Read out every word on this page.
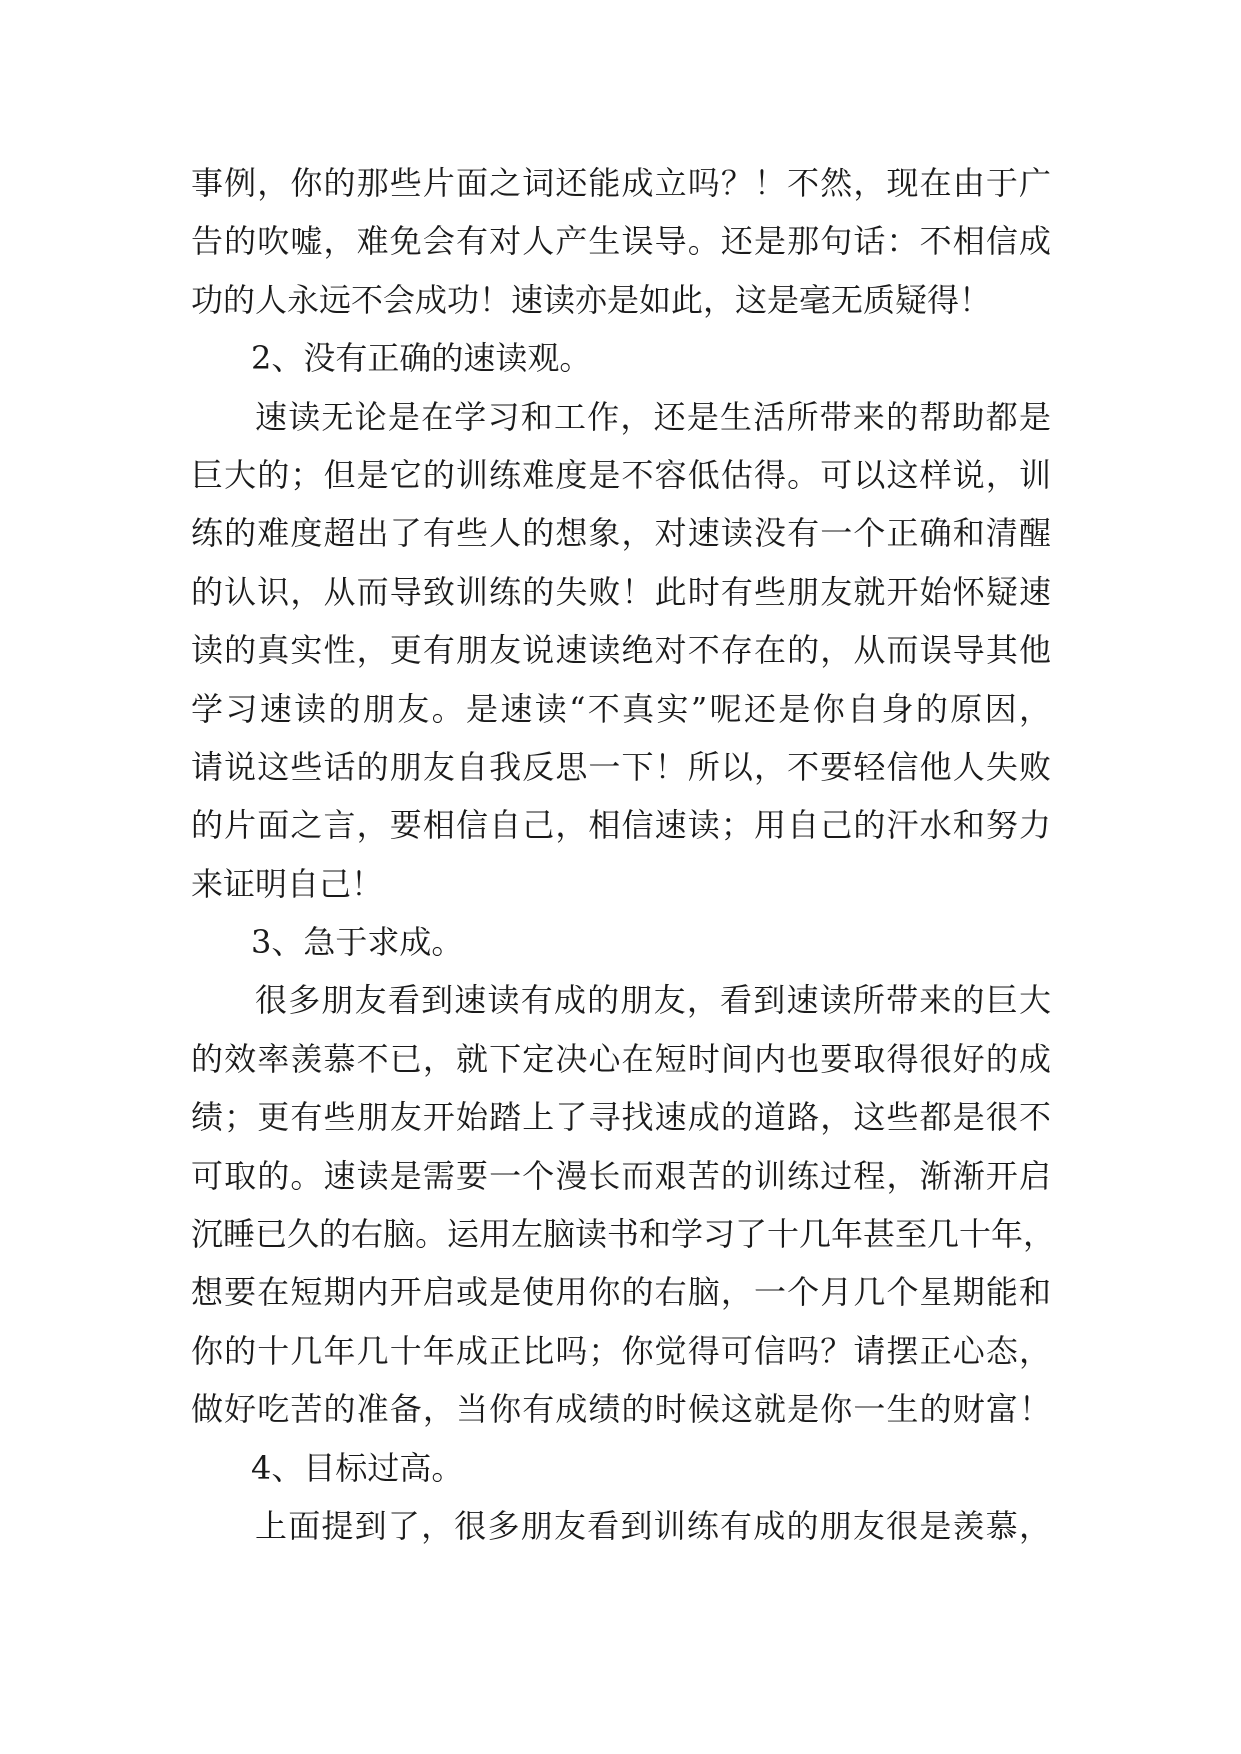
事例，你的那些片面之词还能成立吗？！不然，现在由于广
告的吹嘘，难免会有对人产生误导。还是那句话：不相信成
功的人永远不会成功！速读亦是如此，这是毫无质疑得！
2、没有正确的速读观。
速读无论是在学习和工作，还是生活所带来的帮助都是
巨大的；但是它的训练难度是不容低估得。可以这样说，训
练的难度超出了有些人的想象，对速读没有一个正确和清醒
的认识，从而导致训练的失败！此时有些朋友就开始怀疑速
读的真实性，更有朋友说速读绝对不存在的，从而误导其他
学习速读的朋友。是速读“不真实”呢还是你自身的原因，
请说这些话的朋友自我反思一下！所以，不要轻信他人失败
的片面之言，要相信自己，相信速读；用自己的汗水和努力
来证明自己！
3、急于求成。
很多朋友看到速读有成的朋友，看到速读所带来的巨大
的效率羡慕不已，就下定决心在短时间内也要取得很好的成
绩；更有些朋友开始踏上了寻找速成的道路，这些都是很不
可取的。速读是需要一个漫长而艰苦的训练过程，渐渐开启
沉睡已久的右脑。运用左脑读书和学习了十几年甚至几十年，
想要在短期内开启或是使用你的右脑，一个月几个星期能和
你的十几年几十年成正比吗；你觉得可信吗？请摆正心态，
做好吃苦的准备，当你有成绩的时候这就是你一生的财富！
4、目标过高。
上面提到了，很多朋友看到训练有成的朋友很是羡慕，
